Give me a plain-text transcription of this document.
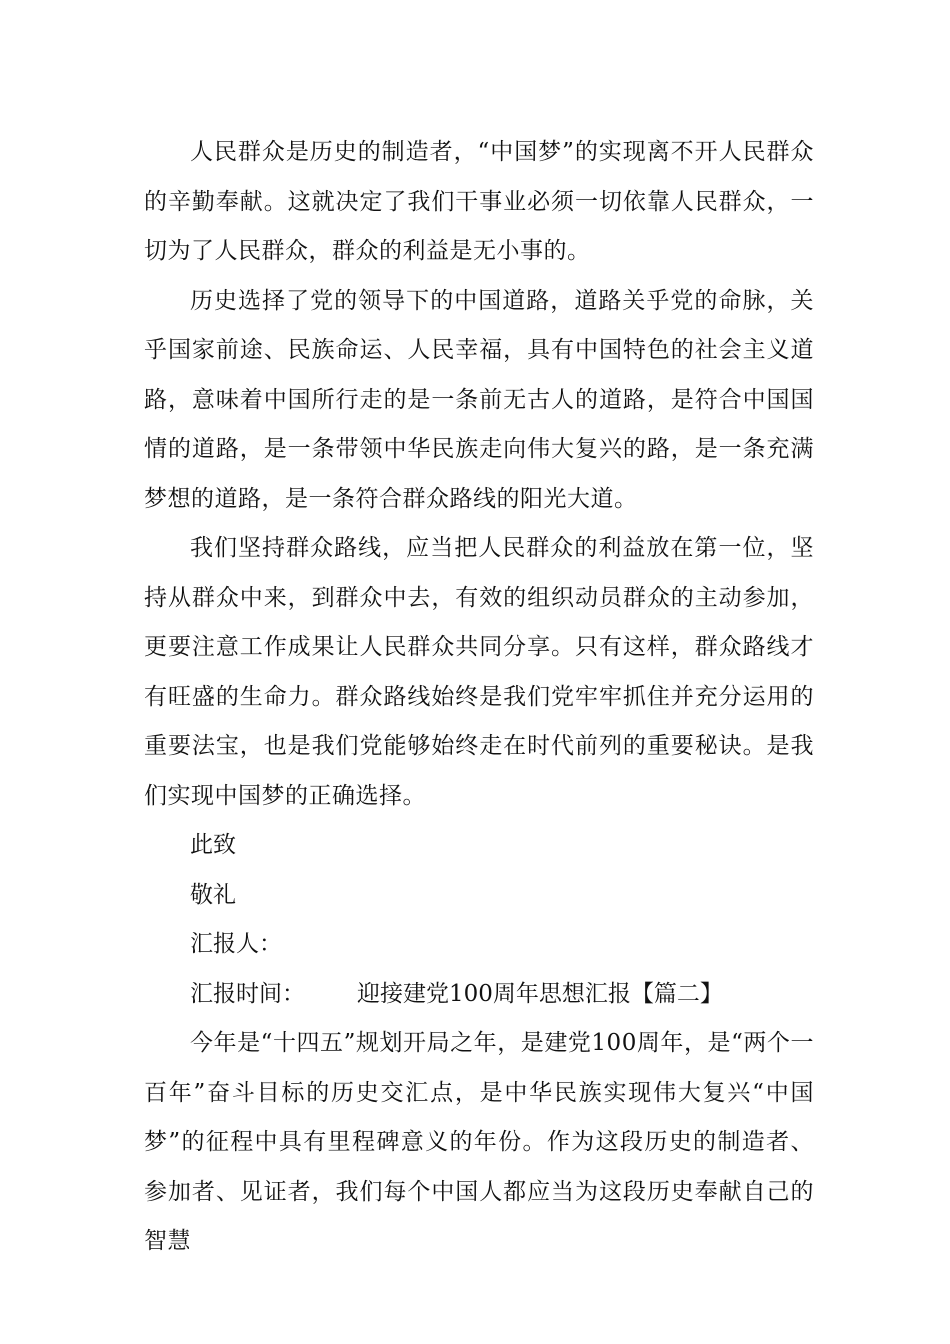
人民群众是历史的制造者，“中国梦”的实现离不开人民群众的辛勤奉献。这就决定了我们干事业必须一切依靠人民群众，一切为了人民群众，群众的利益是无小事的。

历史选择了党的领导下的中国道路，道路关乎党的命脉，关乎国家前途、民族命运、人民幸福，具有中国特色的社会主义道路，意味着中国所行走的是一条前无古人的道路，是符合中国国情的道路，是一条带领中华民族走向伟大复兴的路，是一条充满梦想的道路，是一条符合群众路线的阳光大道。

我们坚持群众路线，应当把人民群众的利益放在第一位，坚持从群众中来，到群众中去，有效的组织动员群众的主动参加，更要注意工作成果让人民群众共同分享。只有这样，群众路线才有旺盛的生命力。群众路线始终是我们党牢牢抓住并充分运用的重要法宝，也是我们党能够始终走在时代前列的重要秘诀。是我们实现中国梦的正确选择。

此致

敬礼

汇报人：

汇报时间： 迎接建党100周年思想汇报【篇二】

今年是“十四五”规划开局之年，是建党100周年，是“两个一百年”奋斗目标的历史交汇点，是中华民族实现伟大复兴“中国梦”的征程中具有里程碑意义的年份。作为这段历史的制造者、参加者、见证者，我们每个中国人都应当为这段历史奉献自己的智慧
